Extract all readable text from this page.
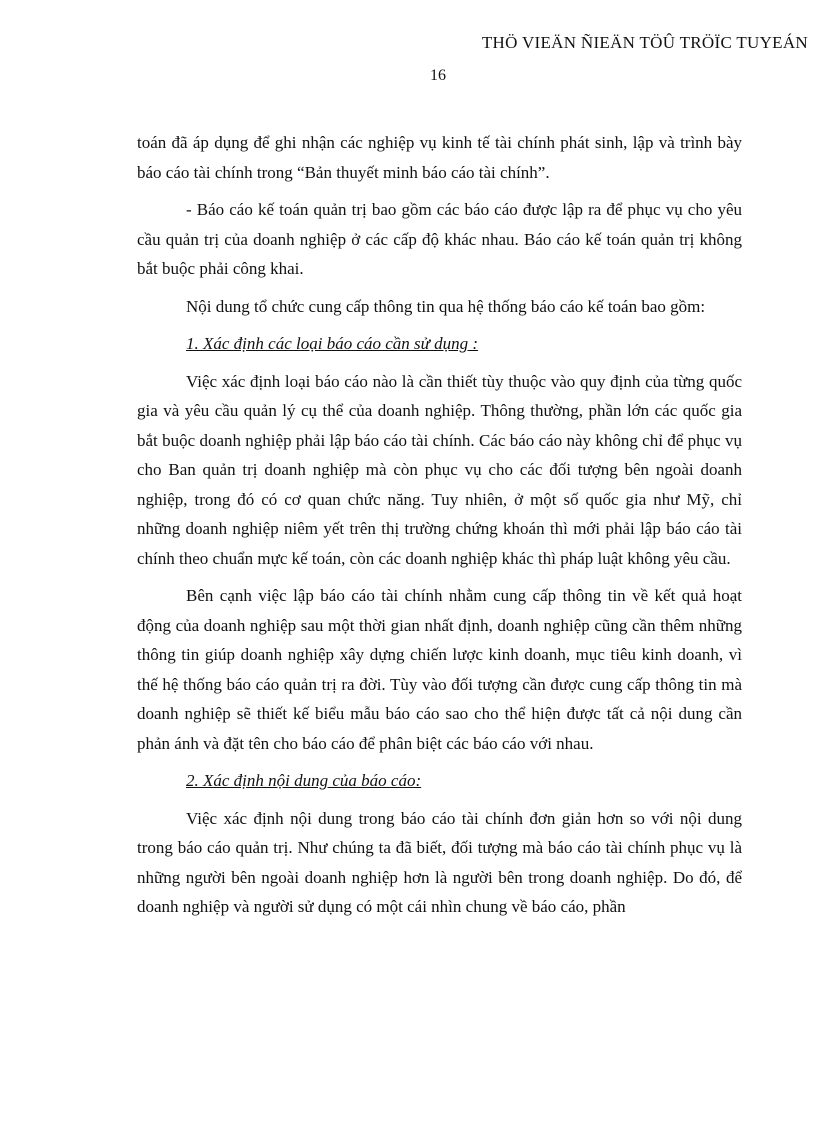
THÖ VIEÄN ÑIEÄN TÖÛ TRÖÏC TUYEÁN
16

toán đã áp dụng để ghi nhận các nghiệp vụ kinh tế tài chính phát sinh, lập và trình bày báo cáo tài chính trong “Bản thuyết minh báo cáo tài chính”.

- Báo cáo kế toán quản trị bao gồm các báo cáo được lập ra để phục vụ cho yêu cầu quản trị của doanh nghiệp ở các cấp độ khác nhau. Báo cáo kế toán quản trị không bắt buộc phải công khai.

Nội dung tổ chức cung cấp thông tin qua hệ thống báo cáo kế toán bao gồm:

1. Xác định các loại báo cáo cần sử dụng :

Việc xác định loại báo cáo nào là cần thiết tùy thuộc vào quy định của từng quốc gia và yêu cầu quản lý cụ thể của doanh nghiệp. Thông thường, phần lớn các quốc gia bắt buộc doanh nghiệp phải lập báo cáo tài chính. Các báo cáo này không chỉ để phục vụ cho Ban quản trị doanh nghiệp mà còn phục vụ cho các đối tượng bên ngoài doanh nghiệp, trong đó có cơ quan chức năng. Tuy nhiên, ở một số quốc gia như Mỹ, chỉ những doanh nghiệp niêm yết trên thị trường chứng khoán thì mới phải lập báo cáo tài chính theo chuẩn mực kế toán, còn các doanh nghiệp khác thì pháp luật không yêu cầu.

Bên cạnh việc lập báo cáo tài chính nhằm cung cấp thông tin về kết quả hoạt động của doanh nghiệp sau một thời gian nhất định, doanh nghiệp cũng cần thêm những thông tin giúp doanh nghiệp xây dựng chiến lược kinh doanh, mục tiêu kinh doanh, vì thế hệ thống báo cáo quản trị ra đời. Tùy vào đối tượng cần được cung cấp thông tin mà doanh nghiệp sẽ thiết kế biểu mẫu báo cáo sao cho thể hiện được tất cả nội dung cần phản ánh và đặt tên cho báo cáo để phân biệt các báo cáo với nhau.

2. Xác định nội dung của báo cáo:

Việc xác định nội dung trong báo cáo tài chính đơn giản hơn so với nội dung trong báo cáo quản trị. Như chúng ta đã biết, đối tượng mà báo cáo tài chính phục vụ là những người bên ngoài doanh nghiệp hơn là người bên trong doanh nghiệp. Do đó, để doanh nghiệp và người sử dụng có một cái nhìn chung về báo cáo, phần
